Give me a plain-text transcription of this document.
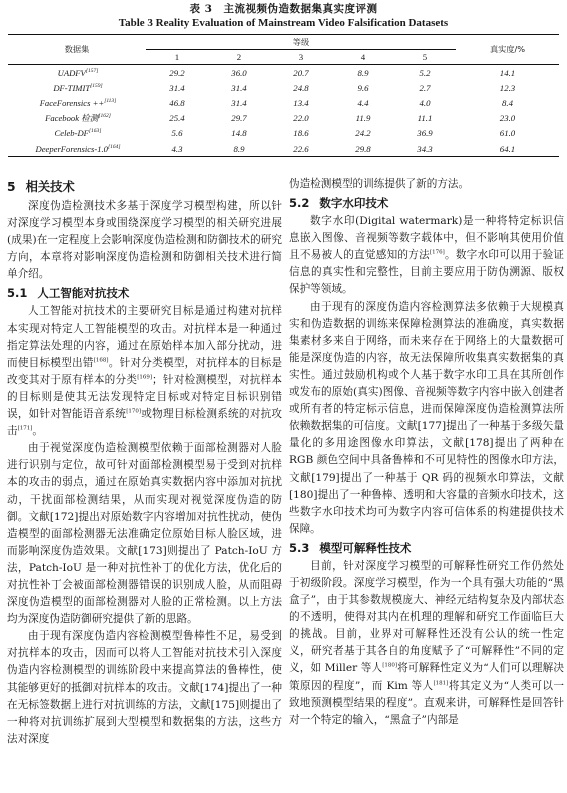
表 3　主流视频伪造数据集真实度评测
Table 3 Reality Evaluation of Mainstream Video Falsification Datasets
数据集	等级					真实度/%
	1	2	3	4	5	
UADFV[157]	29.2	36.0	20.7	8.9	5.2	14.1
DF-TIMIT[159]	31.4	31.4	24.8	9.6	2.7	12.3
FaceForensics ++[113]	46.8	31.4	13.4	4.4	4.0	8.4
Facebook 检测[162]	25.4	29.7	22.0	11.9	11.1	23.0
Celeb-DF[163]	5.6	14.8	18.6	24.2	36.9	61.0
DeeperForensics-1.0[164]	4.3	8.9	22.6	29.8	34.3	64.1
5 相关技术

深度伪造检测技术多基于深度学习模型构建，所以针对深度学习模型本身或围绕深度学习模型的相关研究进展(成果)在一定程度上会影响深度伪造检测和防御技术的研究方向，本章将对影响深度伪造检测和防御相关技术进行简单介绍。

5.1 人工智能对抗技术

人工智能对抗技术的主要研究目标是通过构建对抗样本实现对特定人工智能模型的攻击。对抗样本是一种通过指定算法处理的内容，通过在原始样本加入部分扰动，进而使目标模型出错[168]。针对分类模型，对抗样本的目标是改变其对于原有样本的分类[169]；针对检测模型，对抗样本的目标则是使其无法发现特定目标或对特定目标识别错误，如针对智能语音系统[170]或物理目标检测系统的对抗攻击[171]。

由于视觉深度伪造检测模型依赖于面部检测器对人脸进行识别与定位，故可针对面部检测模型易于受到对抗样本的攻击的弱点，通过在原始真实数据内容中添加对抗扰动，干扰面部检测结果，从而实现对视觉深度伪造的防御。文献[172]提出对原始数字内容增加对抗性扰动，使伪造模型的面部检测器无法准确定位原始目标人脸区域，进而影响深度伪造效果。文献[173]则提出了 Patch-IoU 方法，Patch-IoU 是一种对抗性补丁的优化方法，优化后的对抗性补丁会被面部检测器错误的识别成人脸，从而阻碍深度伪造模型的面部检测器对人脸的正常检测。以上方法均为深度伪造防御研究提供了新的思路。

由于现有深度伪造内容检测模型鲁棒性不足，易受到对抗样本的攻击，因而可以将人工智能对抗技术引入深度伪造内容检测模型的训练阶段中来提高算法的鲁棒性，使其能够更好的抵御对抗样本的攻击。文献[174]提出了一种在无标签数据上进行对抗训练的方法，文献[175]则提出了一种将对抗训练扩展到大型模型和数据集的方法，这些方法对深度

伪造检测模型的训练提供了新的方法。

5.2 数字水印技术

数字水印(Digital watermark)是一种将特定标识信息嵌入图像、音视频等数字载体中，但不影响其使用价值且不易被人的直觉感知的方法[176]。数字水印可以用于验证信息的真实性和完整性，目前主要应用于防伪溯源、版权保护等领域。

由于现有的深度伪造内容检测算法多依赖于大规模真实和伪造数据的训练来保障检测算法的准确度，真实数据集素材多来自于网络，而未来存在于网络上的大量数据可能是深度伪造的内容，故无法保障所收集真实数据集的真实性。通过鼓励机构或个人基于数字水印工具在其所创作或发布的原始(真实)图像、音视频等数字内容中嵌入创建者或所有者的特定标示信息，进而保障深度伪造检测算法所依赖数据集的可信度。文献[177]提出了一种基于多级矢量量化的多用途图像水印算法，文献[178]提出了两种在 RGB 颜色空间中具备鲁棒和不可见特性的图像水印方法，文献[179]提出了一种基于 QR 码的视频水印算法，文献[180]提出了一种鲁棒、透明和大容量的音频水印技术，这些数字水印技术均可为数字内容可信体系的构建提供技术保障。

5.3 模型可解释性技术

目前，针对深度学习模型的可解释性研究工作仍然处于初级阶段。深度学习模型，作为一个具有强大功能的“黑盒子”，由于其参数规模庞大、神经元结构复杂及内部状态的不透明，使得对其内在机理的理解和研究工作面临巨大的挑战。目前，业界对可解释性还没有公认的统一性定义，研究者基于其各自的角度赋予了“可解释性”不同的定义，如 Miller 等人[180]将可解释性定义为“人们可以理解决策原因的程度”，而 Kim 等人[181]将其定义为“人类可以一致地预测模型结果的程度”。直观来讲，可解释性是回答针对一个特定的输入，“黑盒子”内部是
